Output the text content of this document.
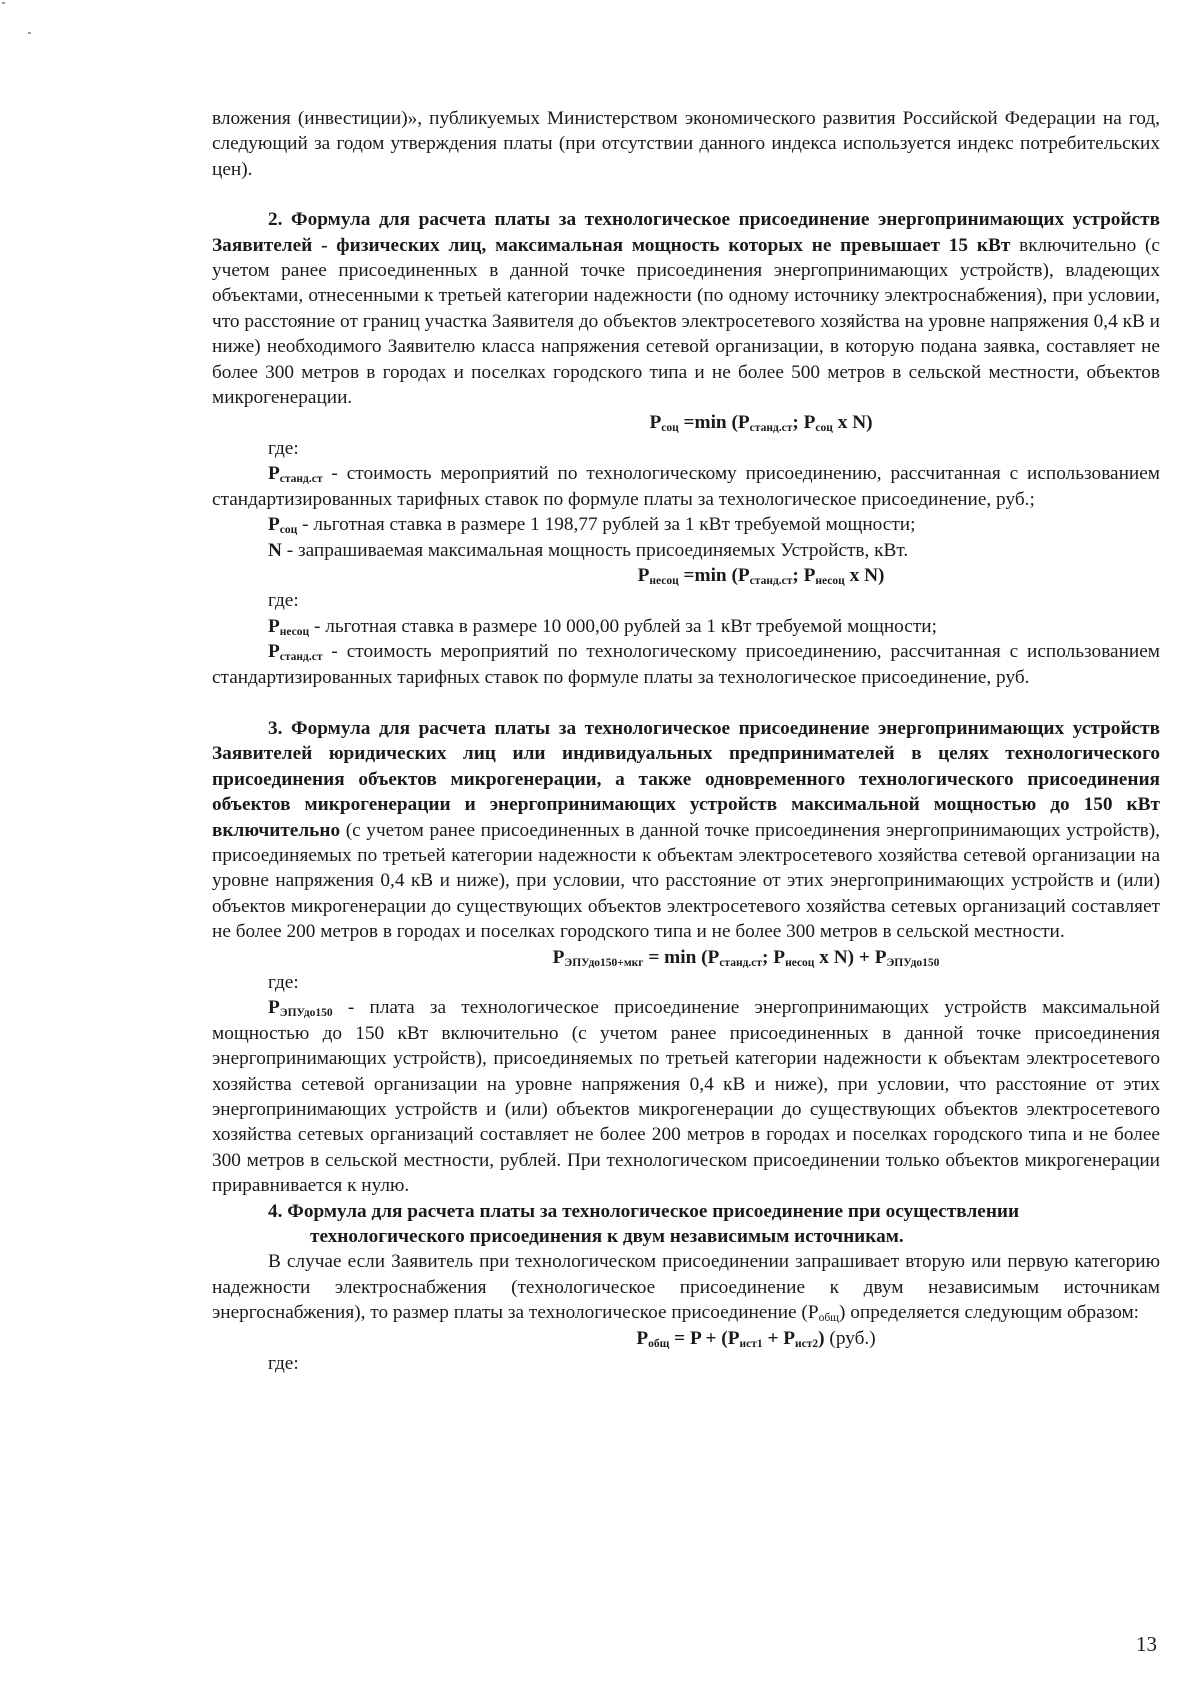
вложения (инвестиции)», публикуемых Министерством экономического развития Российской Федерации на год, следующий за годом утверждения платы (при отсутствии данного индекса используется индекс потребительских цен).

2. Формула для расчета платы за технологическое присоединение энергопринимающих устройств Заявителей - физических лиц, максимальная мощность которых не превышает 15 кВт включительно (с учетом ранее присоединенных в данной точке присоединения энергопринимающих устройств), владеющих объектами, отнесенными к третьей категории надежности (по одному источнику электроснабжения), при условии, что расстояние от границ участка Заявителя до объектов электросетевого хозяйства на уровне напряжения 0,4 кВ и ниже) необходимого Заявителю класса напряжения сетевой организации, в которую подана заявка, составляет не более 300 метров в городах и поселках городского типа и не более 500 метров в сельской местности, объектов микрогенерации.

$P_{соц} =\min$ ($P_{станд.ст}$; $P_{соц}$ x N)

где:

$P_{станд.ст}$ - стоимость мероприятий по технологическому присоединению, рассчитанная с использованием стандартизированных тарифных ставок по формуле платы за технологическое присоединение, руб.;

$P_{соц}$ - льготная ставка в размере 1 198,77 рублей за 1 кВт требуемой мощности;

N - запрашиваемая максимальная мощность присоединяемых Устройств, кВт.

$P_{несоц} =\min$ ($P_{станд.ст}$; $P_{несоц}$ x N)

где:

$P_{несоц}$ - льготная ставка в размере 10 000,00 рублей за 1 кВт требуемой мощности;

$P_{станд.ст}$ - стоимость мероприятий по технологическому присоединению, рассчитанная с использованием стандартизированных тарифных ставок по формуле платы за технологическое присоединение, руб.

3. Формула для расчета платы за технологическое присоединение энергопринимающих устройств Заявителей юридических лиц или индивидуальных предпринимателей в целях технологического присоединения объектов микрогенерации, а также одновременного технологического присоединения объектов микрогенерации и энергопринимающих устройств максимальной мощностью до 150 кВт включительно (с учетом ранее присоединенных в данной точке присоединения энергопринимающих устройств), присоединяемых по третьей категории надежности к объектам электросетевого хозяйства сетевой организации на уровне напряжения 0,4 кВ и ниже), при условии, что расстояние от этих энергопринимающих устройств и (или) объектов микрогенерации до существующих объектов электросетевого хозяйства сетевых организаций составляет не более 200 метров в городах и поселках городского типа и не более 300 метров в сельской местности.

$P_{ЭПУдо150+мкг} = \min (P_{станд.ст}$; $P_{несоц}$ x $N) + P_{ЭПУдо150}$

где:

$P_{ЭПУдо150}$ - плата за технологическое присоединение энергопринимающих устройств максимальной мощностью до 150 кВт включительно (с учетом ранее присоединенных в данной точке присоединения энергопринимающих устройств), присоединяемых по третьей категории надежности к объектам электросетевого хозяйства сетевой организации на уровне напряжения 0,4 кВ и ниже), при условии, что расстояние от этих энергопринимающих устройств и (или) объектов микрогенерации до существующих объектов электросетевого хозяйства сетевых организаций составляет не более 200 метров в городах и поселках городского типа и не более 300 метров в сельской местности, рублей. При технологическом присоединении только объектов микрогенерации приравнивается к нулю.

4. Формула для расчета платы за технологическое присоединение при осуществлении

технологического присоединения к двум независимым источникам.

В случае если Заявитель при технологическом присоединении запрашивает вторую или первую категорию надежности электроснабжения (технологическое присоединение к двум независимым источникам энергоснабжения), то размер платы за технологическое присоединение $(P_{общ})$ определяется следующим образом:

$P_{общ} = P + (P_{ист1} + P_{ист2})$ (руб.)

где:

13
